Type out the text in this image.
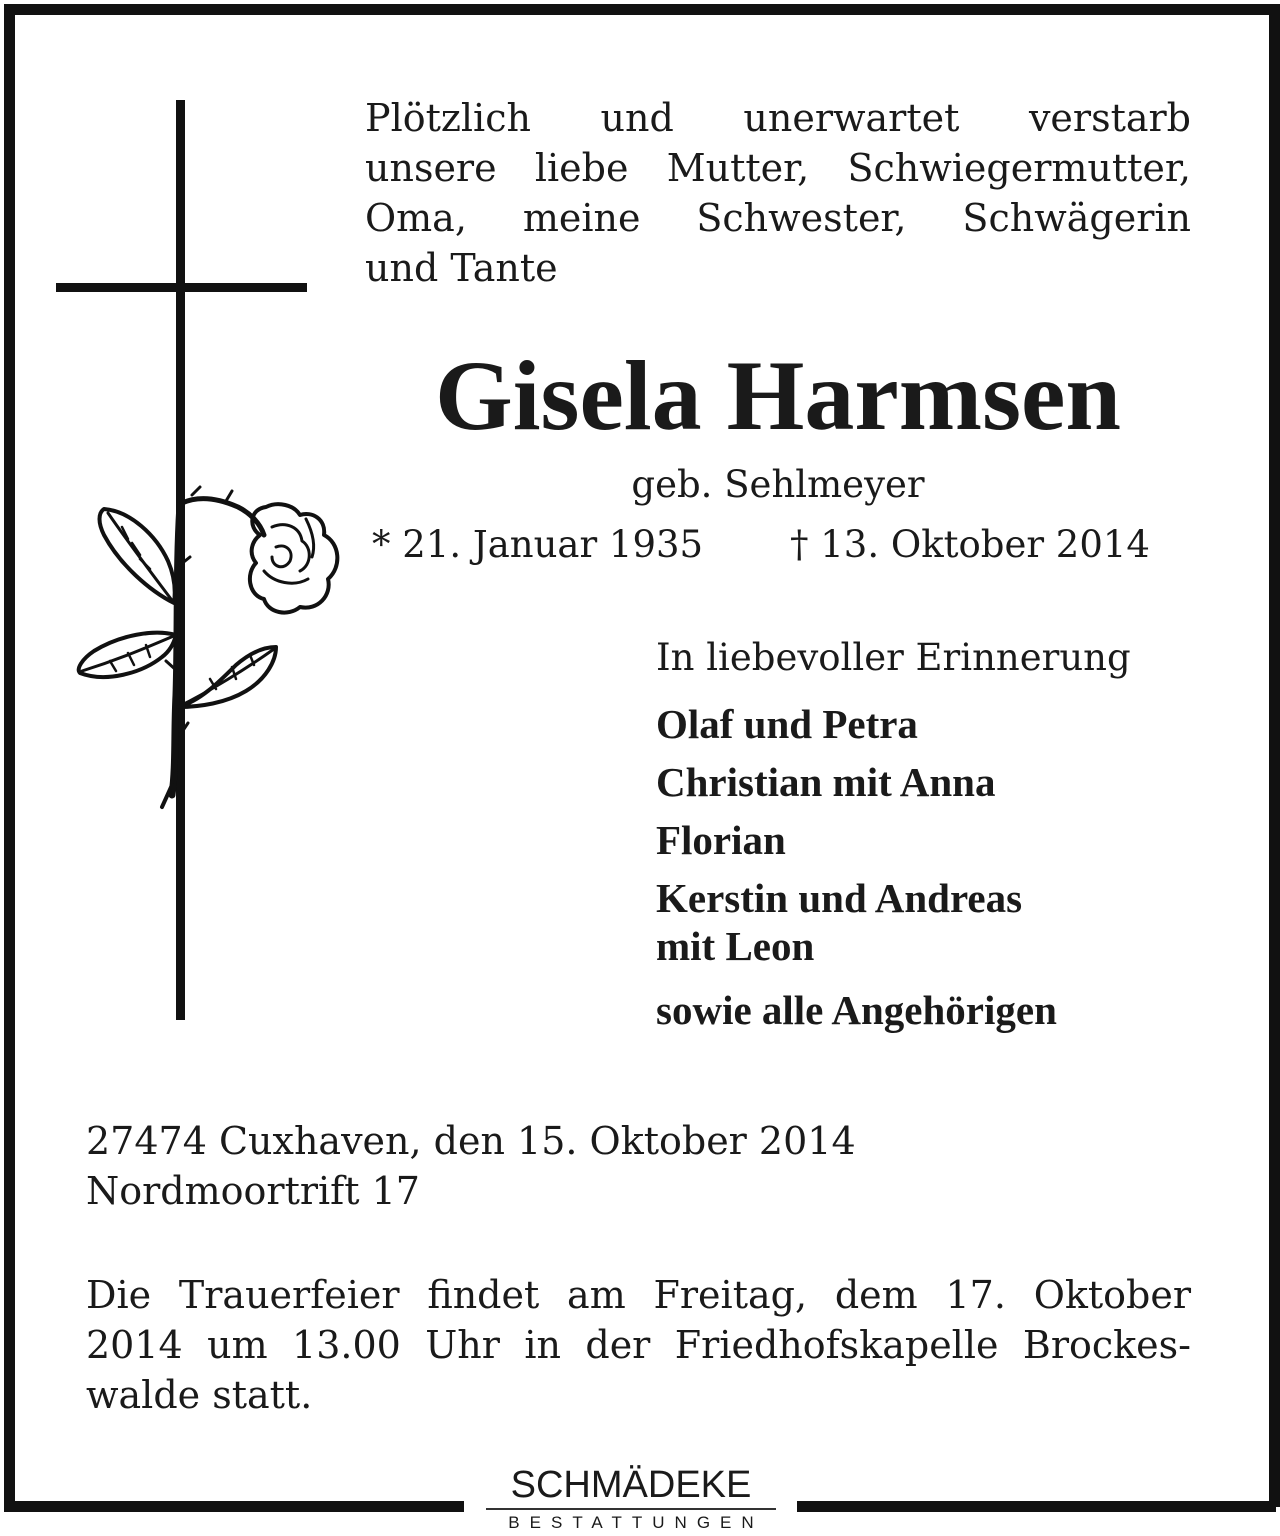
Plötzlich und unerwartet verstarb
unsere liebe Mutter, Schwiegermutter,
Oma, meine Schwester, Schwägerin
und Tante

Gisela Harmsen
geb. Sehlmeyer
* 21. Januar 1935 † 13. Oktober 2014
In liebevoller Erinnerung
Olaf und Petra
Christian mit Anna
Florian
Kerstin und Andreas
mit Leon
sowie alle Angehörigen
27474 Cuxhaven, den 15. Oktober 2014
Nordmoortrift 17
Die Trauerfeier findet am Freitag, dem 17. Oktober
2014 um 13.00 Uhr in der Friedhofskapelle Brockes-
walde statt.
SCHMÄDEKE
BESTATTUNGEN
